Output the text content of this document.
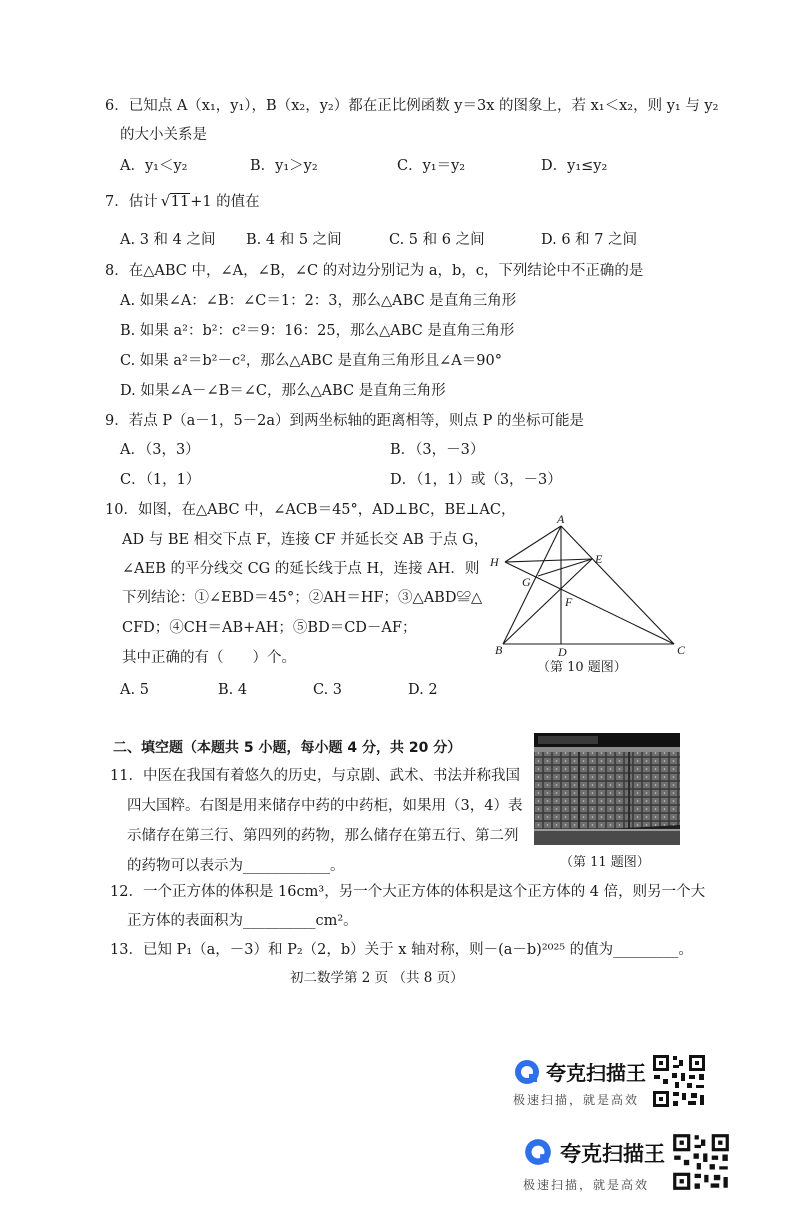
6．已知点 A（x₁，y₁），B（x₂，y₂）都在正比例函数 y＝3x 的图象上，若 x₁＜x₂，则 y₁ 与 y₂
的大小关系是
A．y₁＜y₂	B．y₁＞y₂	C．y₁＝y₂	D．y₁≤y₂
7．估计 √ 11+1 的值在
A. 3 和 4 之间 B. 4 和 5 之间	C. 5 和 6 之间	D. 6 和 7 之间
8．在△ABC 中，∠A，∠B，∠C 的对边分别记为 a，b，c，下列结论中不正确的是
A. 如果∠A：∠B：∠C＝1：2：3，那么△ABC 是直角三角形
B. 如果 a²：b²：c²＝9：16：25，那么△ABC 是直角三角形
C. 如果 a²＝b²－c²，那么△ABC 是直角三角形且∠A＝90°
D. 如果∠A－∠B＝∠C，那么△ABC 是直角三角形
9．若点 P（a－1，5－2a）到两坐标轴的距离相等，则点 P 的坐标可能是
A．（3，3）	B．（3，－3）
C．（1，1）	D．（1，1）或（3，－3）
10．如图，在△ABC 中，∠ACB＝45°，AD⊥BC，BE⊥AC，
AD 与 BE 相交下点 F，连接 CF 并延长交 AB 于点 G，
∠AEB 的平分线交 CG 的延长线于点 H，连接 AH．则
下列结论：①∠EBD＝45°；②AH＝HF；③△ABD≌△
CFD；④CH＝AB+AH；⑤BD＝CD－AF；
其中正确的有（　　）个。
A. 5	B. 4	C. 3	D. 2
A
H	E
G
F
B	D	C
（第 10 题图）
二、填空题（本题共 5 小题，每小题 4 分，共 20 分）
11．中医在我国有着悠久的历史，与京剧、武术、书法并称我国
四大国粹。右图是用来储存中药的中药柜，如果用（3，4）表
示储存在第三行、第四列的药物，那么储存在第五行、第二列
的药物可以表示为____________。	（第 11 题图）
12．一个正方体的体积是 16cm³，另一个大正方体的体积是这个正方体的 4 倍，则另一个大
正方体的表面积为__________cm²。
13．已知 P₁（a，－3）和 P₂（2，b）关于 x 轴对称，则－(a－b)²⁰²⁵ 的值为_________。
初二数学第 2 页 （共 8 页）
夸克扫描王
极速扫描，就是高效
夸克扫描王
极速扫描，就是高效
